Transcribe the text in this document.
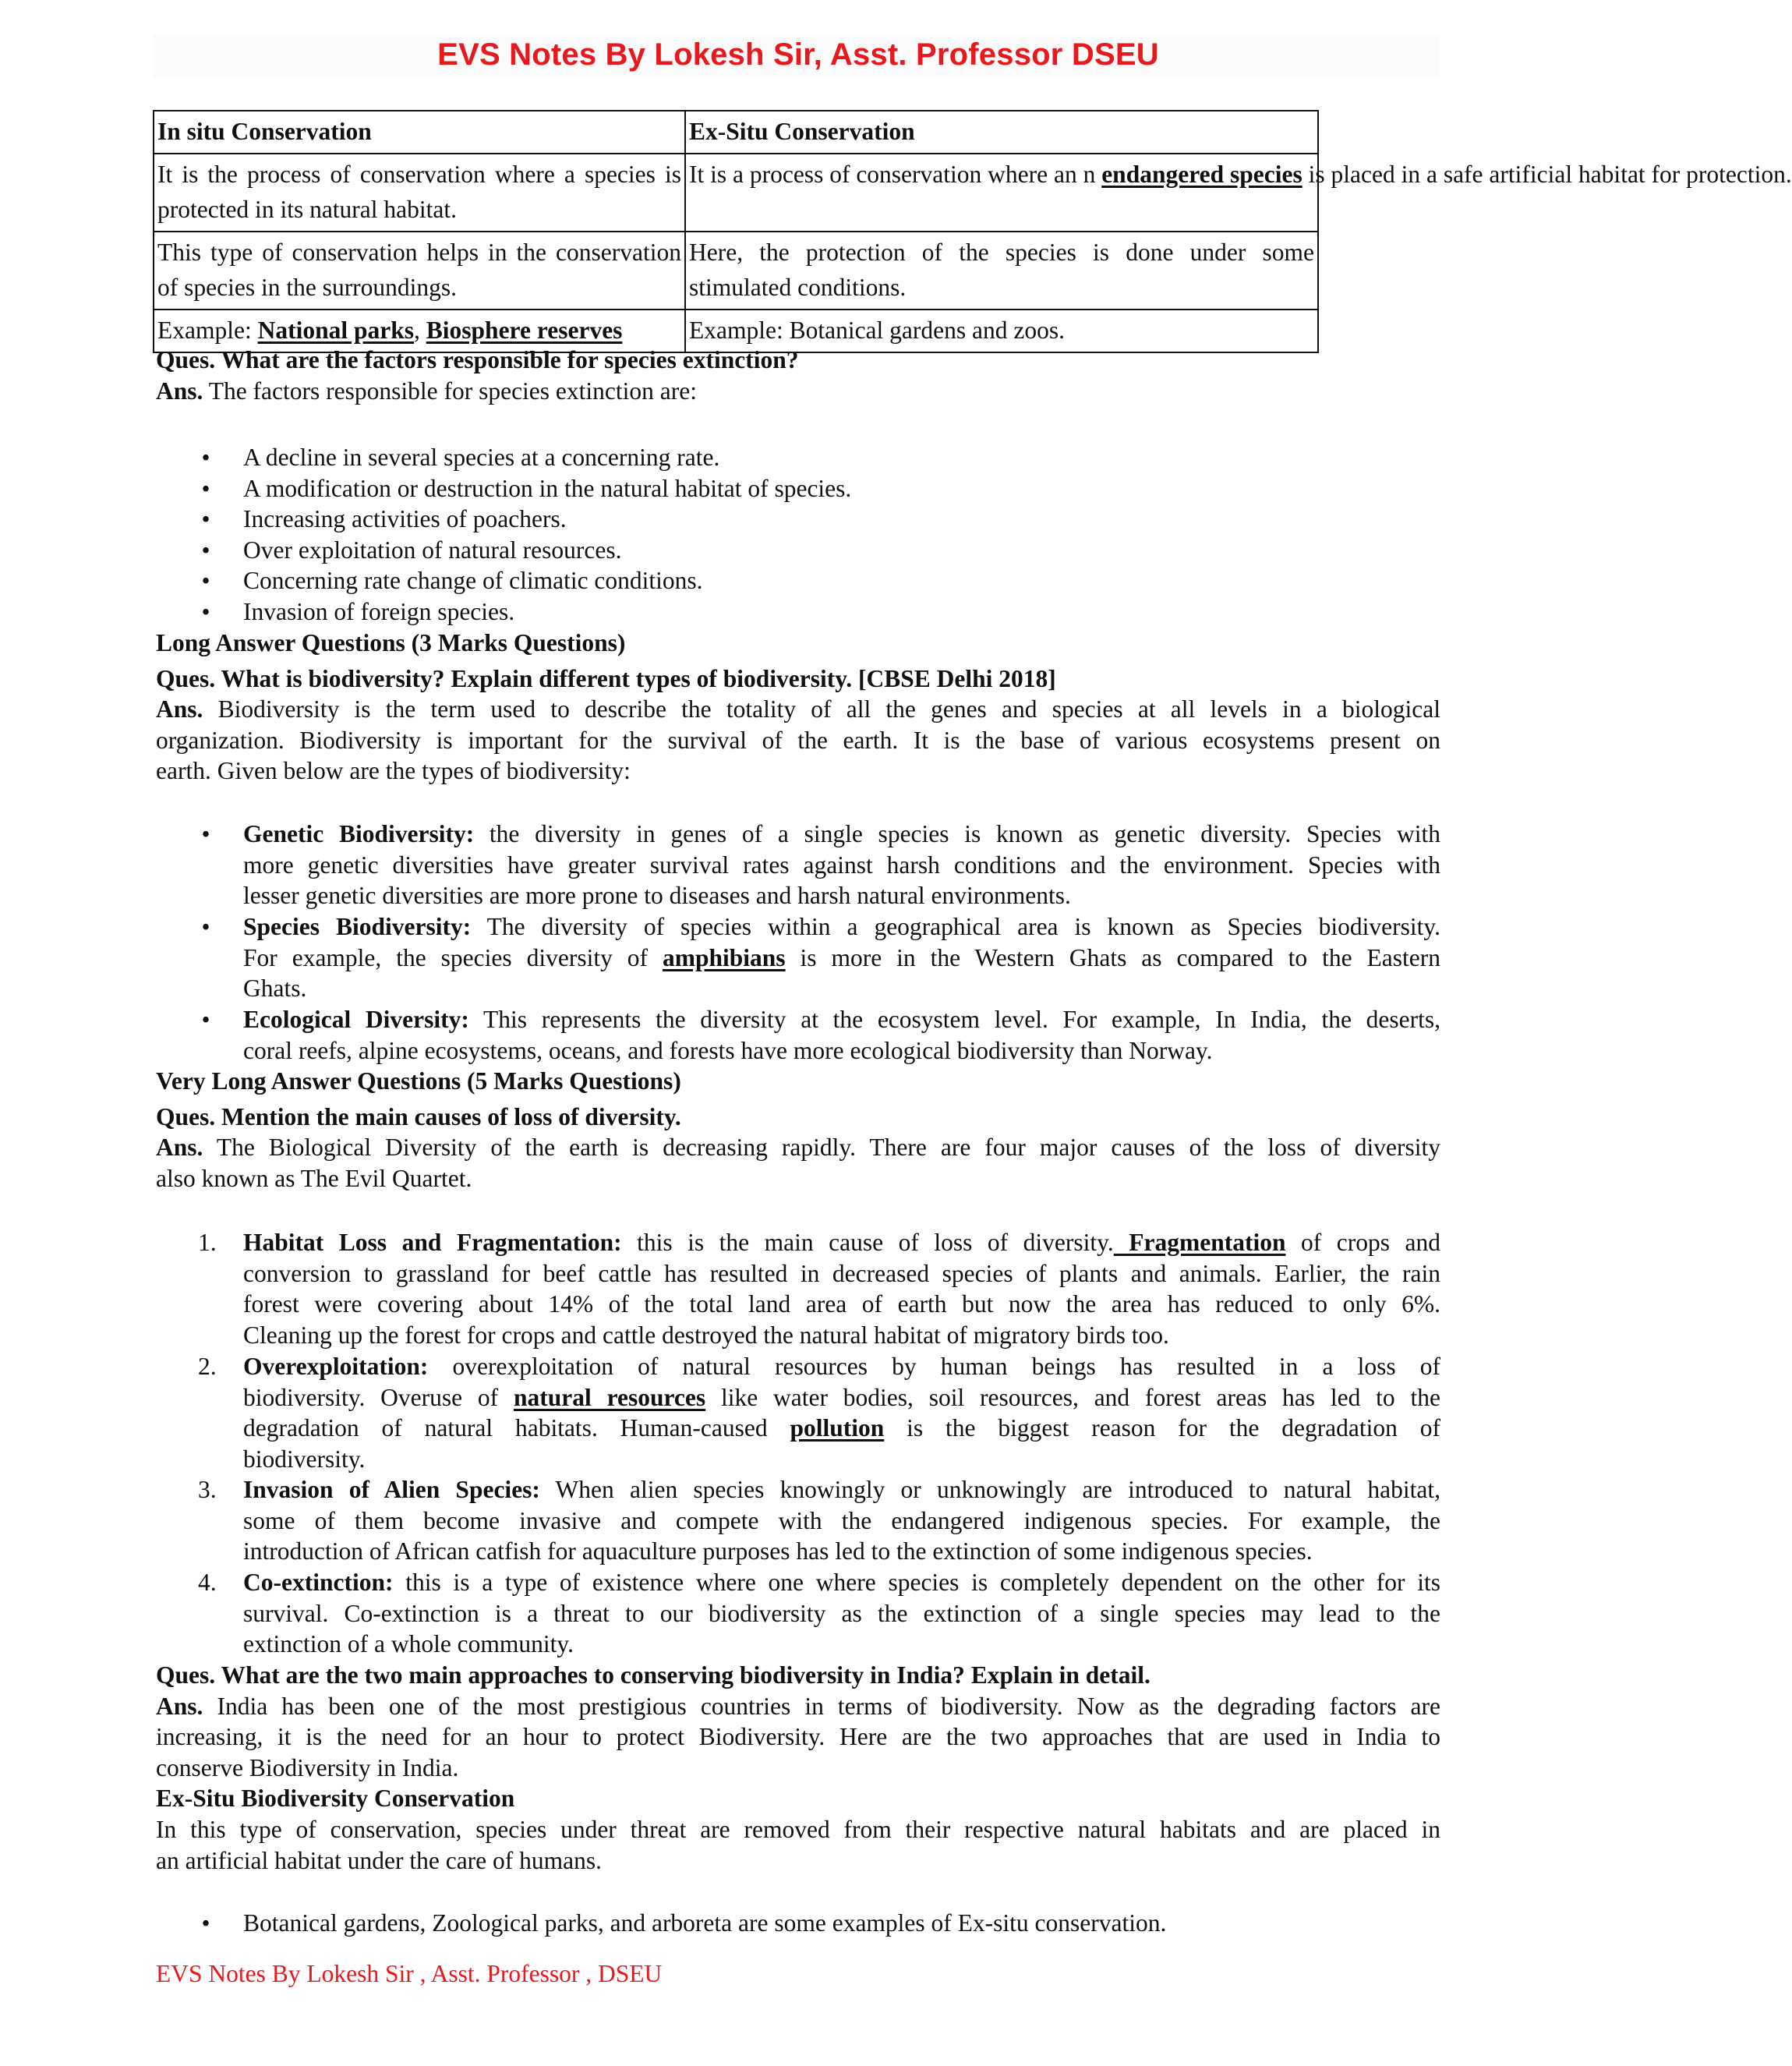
EVS Notes By Lokesh Sir, Asst. Professor DSEU
In situ Conservation	Ex-Situ Conservation
It is the process of conservation where a species is protected in its natural habitat.	It is a process of conservation where an n endangered species is placed in a safe artificial habitat for protection.
This type of conservation helps in the conservation of species in the surroundings.	Here, the protection of the species is done under some stimulated conditions.
Example: National parks, Biosphere reserves	Example: Botanical gardens and zoos.
Ques. What are the factors responsible for species extinction?
Ans. The factors responsible for species extinction are:
• A decline in several species at a concerning rate.
• A modification or destruction in the natural habitat of species.
• Increasing activities of poachers.
• Over exploitation of natural resources.
• Concerning rate change of climatic conditions.
• Invasion of foreign species.
Long Answer Questions (3 Marks Questions)
Ques. What is biodiversity? Explain different types of biodiversity. [CBSE Delhi 2018]
Ans. Biodiversity is the term used to describe the totality of all the genes and species at all levels in a biological
organization. Biodiversity is important for the survival of the earth. It is the base of various ecosystems present on
earth. Given below are the types of biodiversity:
• Genetic Biodiversity: the diversity in genes of a single species is known as genetic diversity. Species with
more genetic diversities have greater survival rates against harsh conditions and the environment. Species with
lesser genetic diversities are more prone to diseases and harsh natural environments.
• Species Biodiversity: The diversity of species within a geographical area is known as Species biodiversity.
For example, the species diversity of amphibians is more in the Western Ghats as compared to the Eastern
Ghats.
• Ecological Diversity: This represents the diversity at the ecosystem level. For example, In India, the deserts,
coral reefs, alpine ecosystems, oceans, and forests have more ecological biodiversity than Norway.
Very Long Answer Questions (5 Marks Questions)
Ques. Mention the main causes of loss of diversity.
Ans. The Biological Diversity of the earth is decreasing rapidly. There are four major causes of the loss of diversity
also known as The Evil Quartet.
1.	Habitat Loss and Fragmentation: this is the main cause of loss of diversity. Fragmentation of crops and
conversion to grassland for beef cattle has resulted in decreased species of plants and animals. Earlier, the rain
forest were covering about 14% of the total land area of earth but now the area has reduced to only 6%.
Cleaning up the forest for crops and cattle destroyed the natural habitat of migratory birds too.
2.	Overexploitation: overexploitation of natural resources by human beings has resulted in a loss of
biodiversity. Overuse of natural resources like water bodies, soil resources, and forest areas has led to the
degradation of natural habitats. Human-caused pollution is the biggest reason for the degradation of
biodiversity.
3.	Invasion of Alien Species: When alien species knowingly or unknowingly are introduced to natural habitat,
some of them become invasive and compete with the endangered indigenous species. For example, the
introduction of African catfish for aquaculture purposes has led to the extinction of some indigenous species.
4.	Co-extinction: this is a type of existence where one where species is completely dependent on the other for its
survival. Co-extinction is a threat to our biodiversity as the extinction of a single species may lead to the
extinction of a whole community.
Ques. What are the two main approaches to conserving biodiversity in India? Explain in detail.
Ans. India has been one of the most prestigious countries in terms of biodiversity. Now as the degrading factors are
increasing, it is the need for an hour to protect Biodiversity. Here are the two approaches that are used in India to
conserve Biodiversity in India.
Ex-Situ Biodiversity Conservation
In this type of conservation, species under threat are removed from their respective natural habitats and are placed in
an artificial habitat under the care of humans.
• Botanical gardens, Zoological parks, and arboreta are some examples of Ex-situ conservation.
EVS Notes By Lokesh Sir , Asst. Professor , DSEU
